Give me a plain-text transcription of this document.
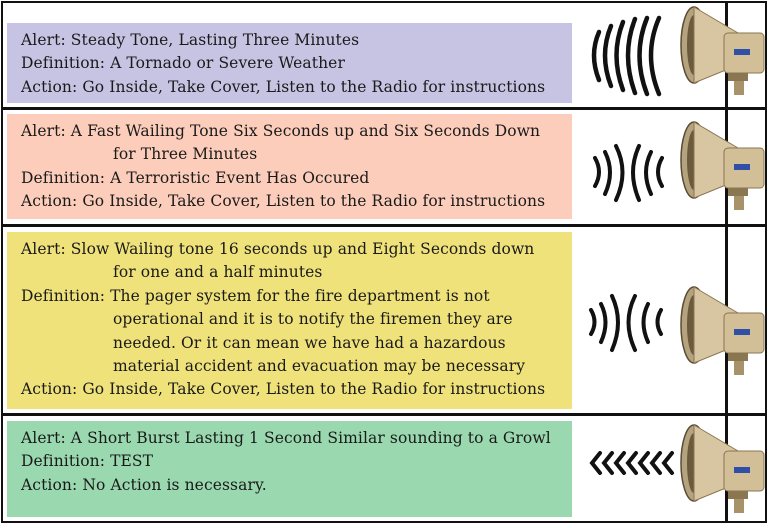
Alert: Steady Tone, Lasting Three Minutes
Definition: A Tornado or Severe Weather
Action: Go Inside, Take Cover, Listen to the Radio for instructions
Alert: A Fast Wailing Tone Six Seconds up and Six Seconds Down
for Three Minutes
Definition: A Terroristic Event Has Occured
Action: Go Inside, Take Cover, Listen to the Radio for instructions
Alert: Slow Wailing tone 16 seconds up and Eight Seconds down
for one and a half minutes
Definition: The pager system for the fire department is not
operational and it is to notify the firemen they are
needed. Or it can mean we have had a hazardous
material accident and evacuation may be necessary
Action: Go Inside, Take Cover, Listen to the Radio for instructions
Alert: A Short Burst Lasting 1 Second Similar sounding to a Growl
Definition: TEST
Action: No Action is necessary.
